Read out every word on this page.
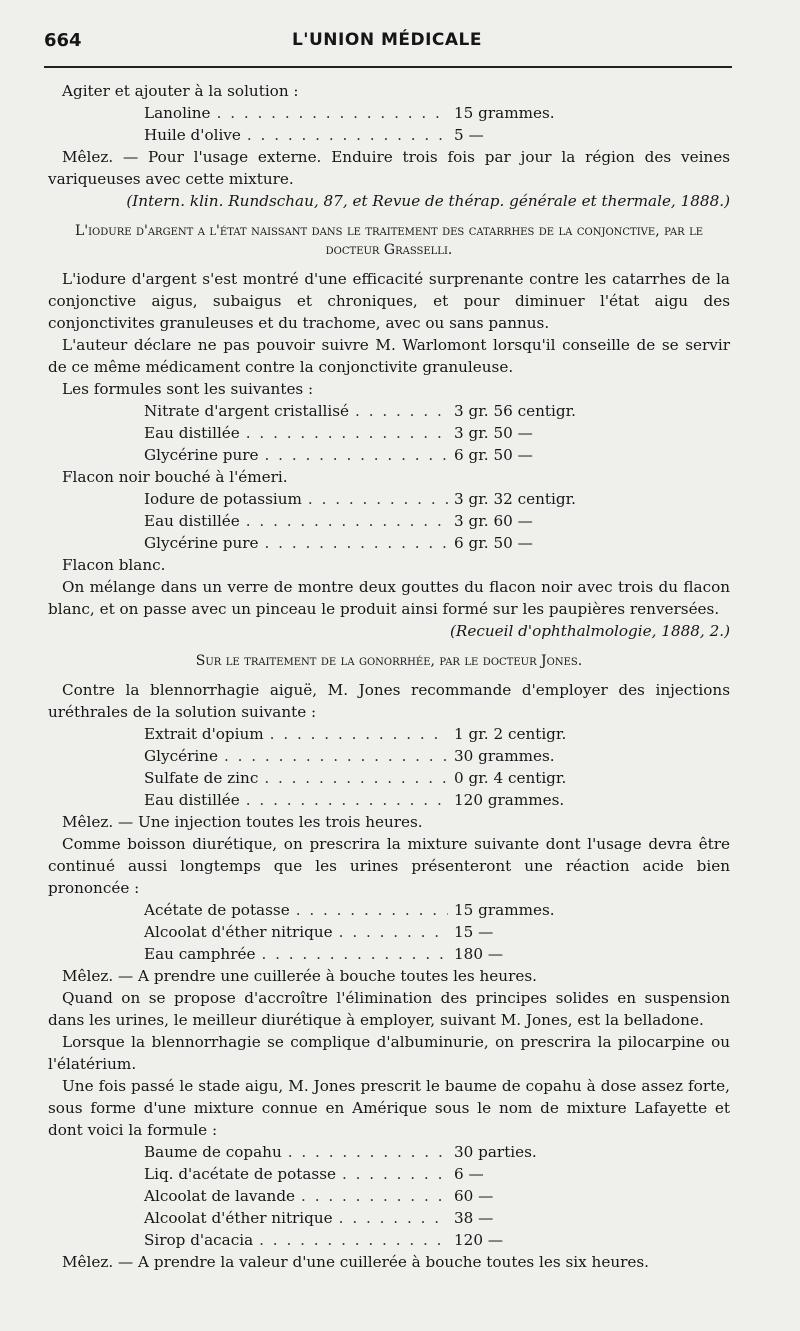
664	L'UNION MÉDICALE

Agiter et ajouter à la solution :

Lanoline . . .	15 grammes.
Huile d'olive . . .	5 —

Mêlez. — Pour l'usage externe. Enduire trois fois par jour la région des veines variqueuses avec cette mixture.

(Intern. klin. Rundschau, 87, et Revue de thérap. générale et thermale, 1888.)

L'iodure d'argent a l'état naissant dans le traitement des catarrhes de la conjonctive, par le docteur Grasselli.

L'iodure d'argent s'est montré d'une efficacité surprenante contre les catarrhes de la conjonctive aigus, subaigus et chroniques, et pour diminuer l'état aigu des conjonctivites granuleuses et du trachome, avec ou sans pannus.

L'auteur déclare ne pas pouvoir suivre M. Warlomont lorsqu'il conseille de se servir de ce même médicament contre la conjonctivite granuleuse.

Les formules sont les suivantes :

Nitrate d'argent cristallisé . . .	3 gr. 56 centigr.
Eau distillée . . .	3 gr. 50 —
Glycérine pure . . .	6 gr. 50 —

Flacon noir bouché à l'émeri.

Iodure de potassium . . .	3 gr. 32 centigr.
Eau distillée . . .	3 gr. 60 —
Glycérine pure . . .	6 gr. 50 —

Flacon blanc.

On mélange dans un verre de montre deux gouttes du flacon noir avec trois du flacon blanc, et on passe avec un pinceau le produit ainsi formé sur les paupières renversées.

(Recueil d'ophthalmologie, 1888, 2.)

Sur le traitement de la gonorrhée, par le docteur Jones.

Contre la blennorrhagie aiguë, M. Jones recommande d'employer des injections uréthrales de la solution suivante :

Extrait d'opium . . .	1 gr. 2 centigr.
Glycérine . . .	30 grammes.
Sulfate de zinc . . .	0 gr. 4 centigr.
Eau distillée . . .	120 grammes.

Mêlez. — Une injection toutes les trois heures.

Comme boisson diurétique, on prescrira la mixture suivante dont l'usage devra être continué aussi longtemps que les urines présenteront une réaction acide bien prononcée :

Acétate de potasse . . .	15 grammes.
Alcoolat d'éther nitrique . . .	15 —
Eau camphrée . . .	180 —

Mêlez. — A prendre une cuillerée à bouche toutes les heures.

Quand on se propose d'accroître l'élimination des principes solides en suspension dans les urines, le meilleur diurétique à employer, suivant M. Jones, est la belladone.

Lorsque la blennorrhagie se complique d'albuminurie, on prescrira la pilocarpine ou l'élatérium.

Une fois passé le stade aigu, M. Jones prescrit le baume de copahu à dose assez forte, sous forme d'une mixture connue en Amérique sous le nom de mixture Lafayette et dont voici la formule :

Baume de copahu . . .	30 parties.
Liq. d'acétate de potasse . . .	6 —
Alcoolat de lavande . . .	60 —
Alcoolat d'éther nitrique . . .	38 —
Sirop d'acacia . . .	120 —

Mêlez. — A prendre la valeur d'une cuillerée à bouche toutes les six heures.
